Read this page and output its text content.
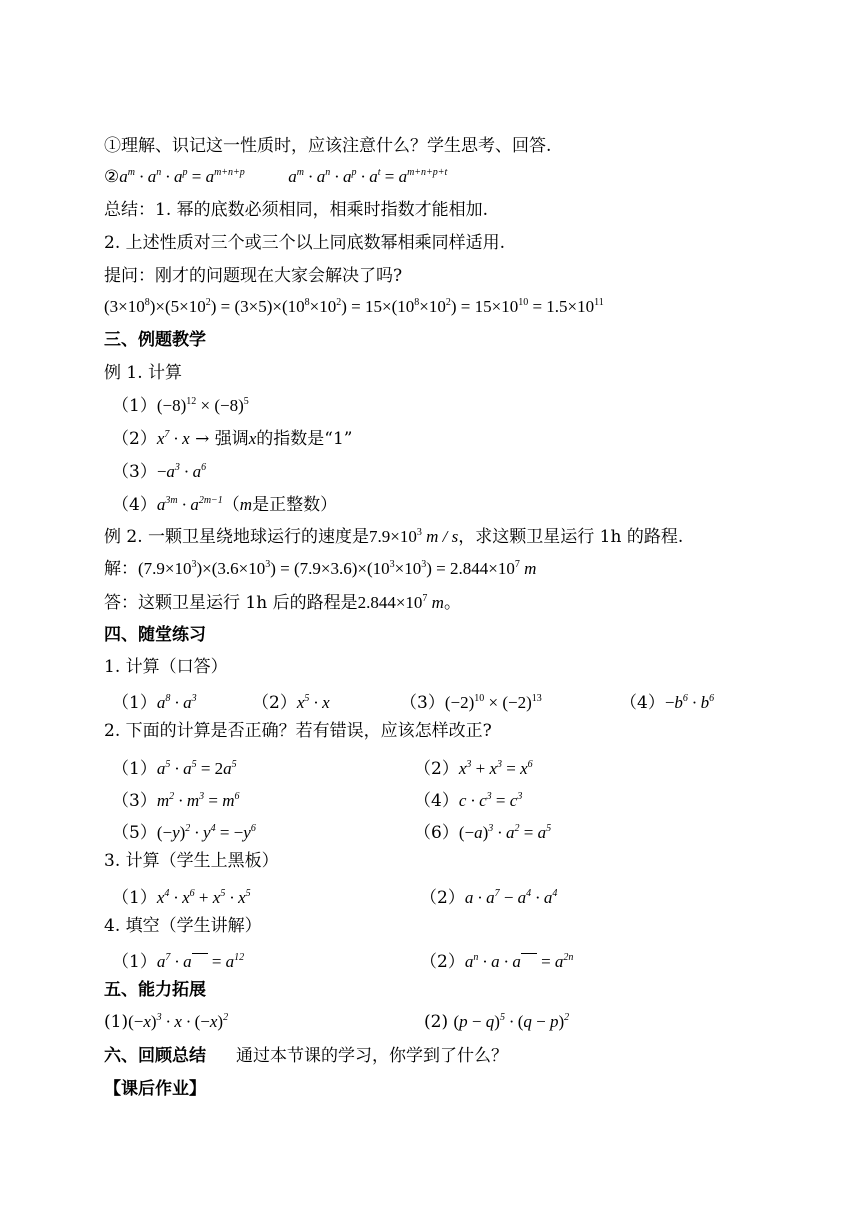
①理解、识记这一性质时，应该注意什么？学生思考、回答.
$②a^m \cdot a^n \cdot a^p = a^{m+n+p}$	$a^m \cdot a^n \cdot a^p \cdot a^t = a^{m+n+p+t}$
总结：1. 幂的底数必须相同，相乘时指数才能相加.
2. 上述性质对三个或三个以上同底数幂相乘同样适用.
提问：刚才的问题现在大家会解决了吗?
$(3\times 10^8)\times(5\times 10^2) = (3\times 5)\times(10^8\times 10^2) = 15\times(10^8\times 10^2) = 15\times 10^{10} = 1.5\times 10^{11}$
三、例题教学
例 1. 计算
$(1)(-8)^{12} \times (-8)^5$
$(2)x^7 \cdot x$ → 强调x的指数是“1”
$(3)-a^3 \cdot a^6$
$(4)a^{3m} \cdot a^{2m-1}(m$是正整数）
例 2. 一颗卫星绕地球运行的速度是$7.9\times 10^3$ m / s，求这颗卫星运行 1h 的路程.
解：$(7.9\times 10^3)\times(3.6\times 10^3) = (7.9\times 3.6)\times(10^3\times 10^3) = 2.844\times 10^7$ m
答：这颗卫星运行 1h 后的路程是$2.844\times 10^7$ m。
四、随堂练习
1. 计算（口答）
$(1)a^8 \cdot a^3$	$(2)x^5 \cdot x$	$(3)(-2)^{10} \times (-2)^{13}$	$(4)-b^6 \cdot b^6$
2. 下面的计算是否正确？若有错误，应该怎样改正?
$(1)a^5 \cdot a^5 = 2a^5$	$(2)x^3 + x^3 = x^6$
$(3)m^2 \cdot m^3 = m^6$	$(4)c \cdot c^3 = c^3$
$(5)(-y)^2 \cdot y^4 = -y^6$	$(6)(-a)^3 \cdot a^2 = a^5$
3. 计算（学生上黑板）
$(1)x^4 \cdot x^6 + x^5 \cdot x^5$	$(2)a \cdot a^7 - a^4 \cdot a^4$
4. 填空（学生讲解）
$(1)a^7 \cdot a = a^{12}$	$(2)a^n \cdot a \cdot a = a^{2n}$
五、能力拓展
$(1)(-x)^3 \cdot x \cdot (-x)^2$	(2) $(p - q)^5 \cdot (q - p)^2$
六、回顾总结 通过本节课的学习，你学到了什么？
【课后作业】
